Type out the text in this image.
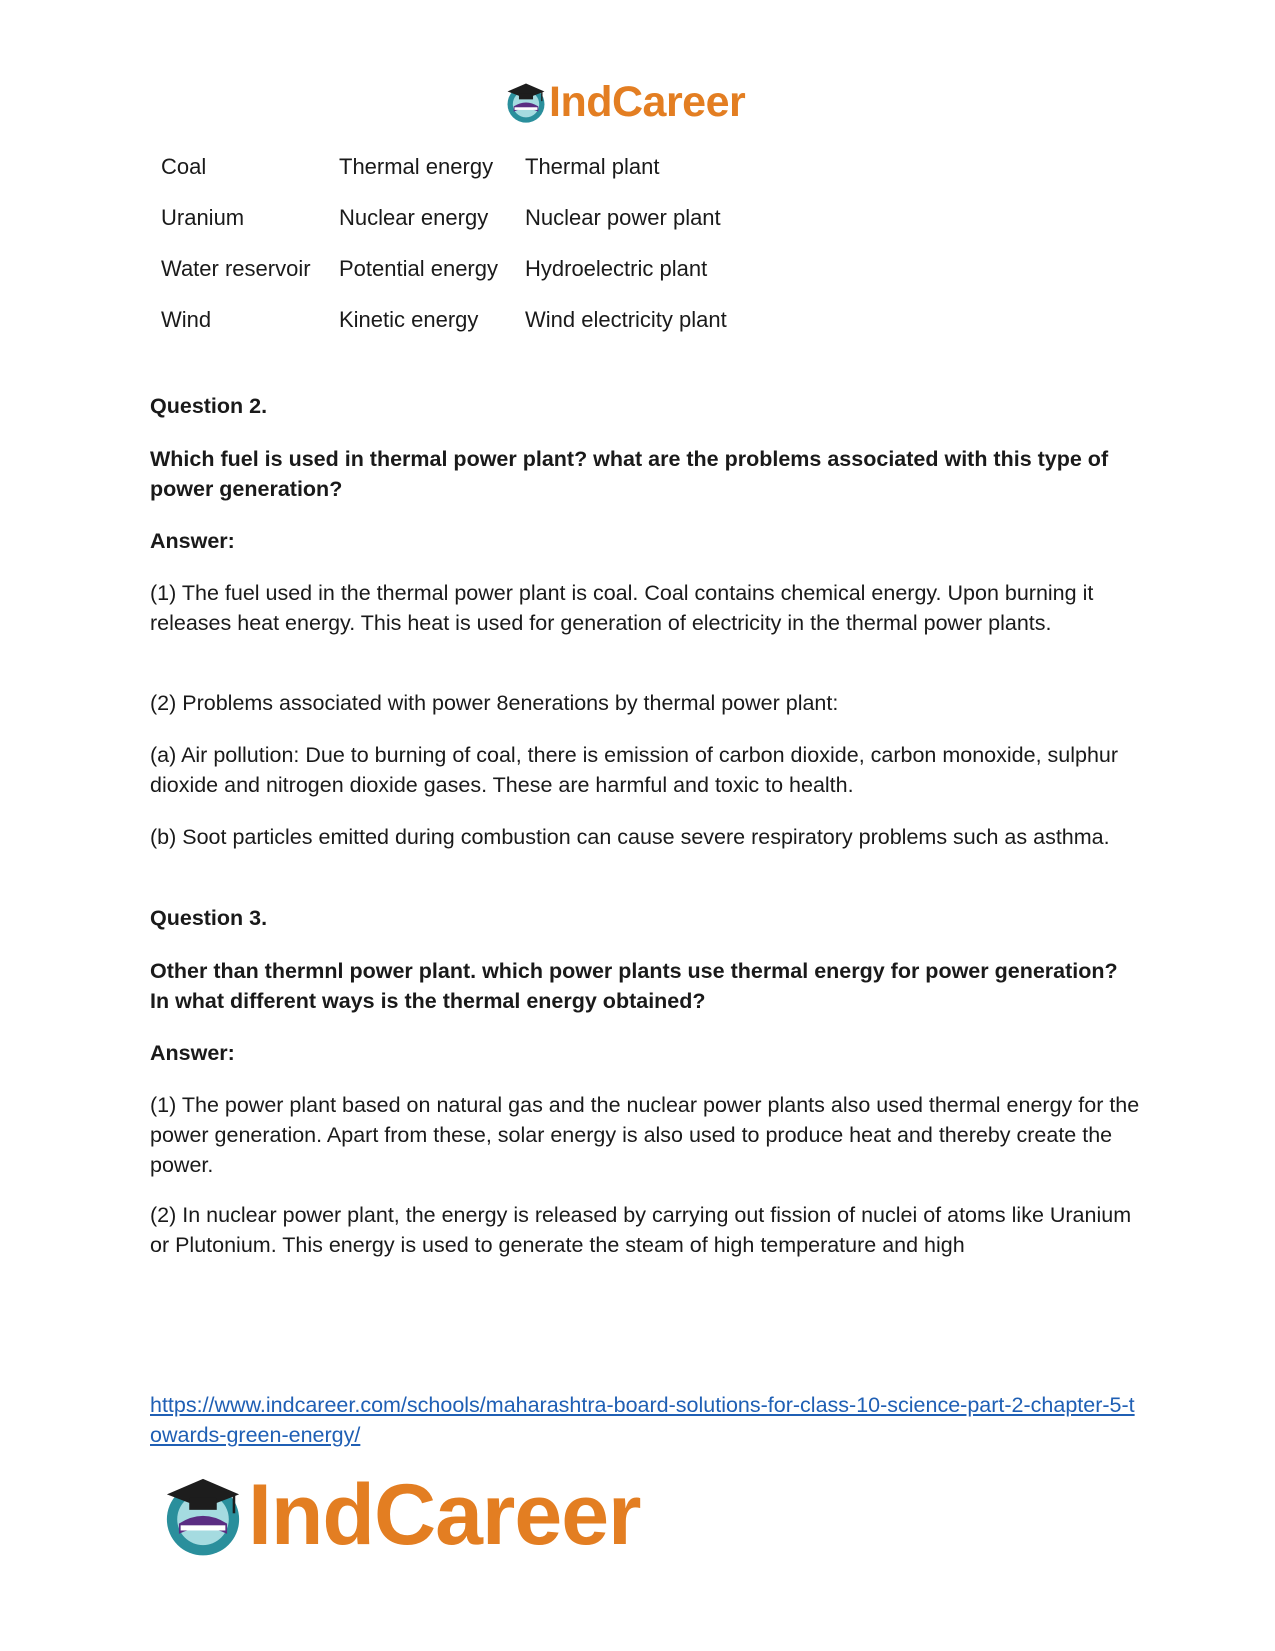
IndCareer
Coal	Thermal energy	Thermal plant
Uranium	Nuclear energy	Nuclear power plant
Water reservoir	Potential energy	Hydroelectric plant
Wind	Kinetic energy	Wind electricity plant

Question 2.

Which fuel is used in thermal power plant? what are the problems associated with this type of power generation?

Answer:

(1) The fuel used in the thermal power plant is coal. Coal contains chemical energy. Upon burning it releases heat energy. This heat is used for generation of electricity in the thermal power plants.

(2) Problems associated with power 8enerations by thermal power plant:

(a) Air pollution: Due to burning of coal, there is emission of carbon dioxide, carbon monoxide, sulphur dioxide and nitrogen dioxide gases. These are harmful and toxic to health.

(b) Soot particles emitted during combustion can cause severe respiratory problems such as asthma.

Question 3.

Other than thermnl power plant. which power plants use thermal energy for power generation? In what different ways is the thermal energy obtained?

Answer:

(1) The power plant based on natural gas and the nuclear power plants also used thermal energy for the power generation. Apart from these, solar energy is also used to produce heat and thereby create the power.

(2) In nuclear power plant, the energy is released by carrying out fission of nuclei of atoms like Uranium or Plutonium. This energy is used to generate the steam of high temperature and high

https://www.indcareer.com/schools/maharashtra-board-solutions-for-class-10-science-part-2-chapter-5-towards-green-energy/
IndCareer
